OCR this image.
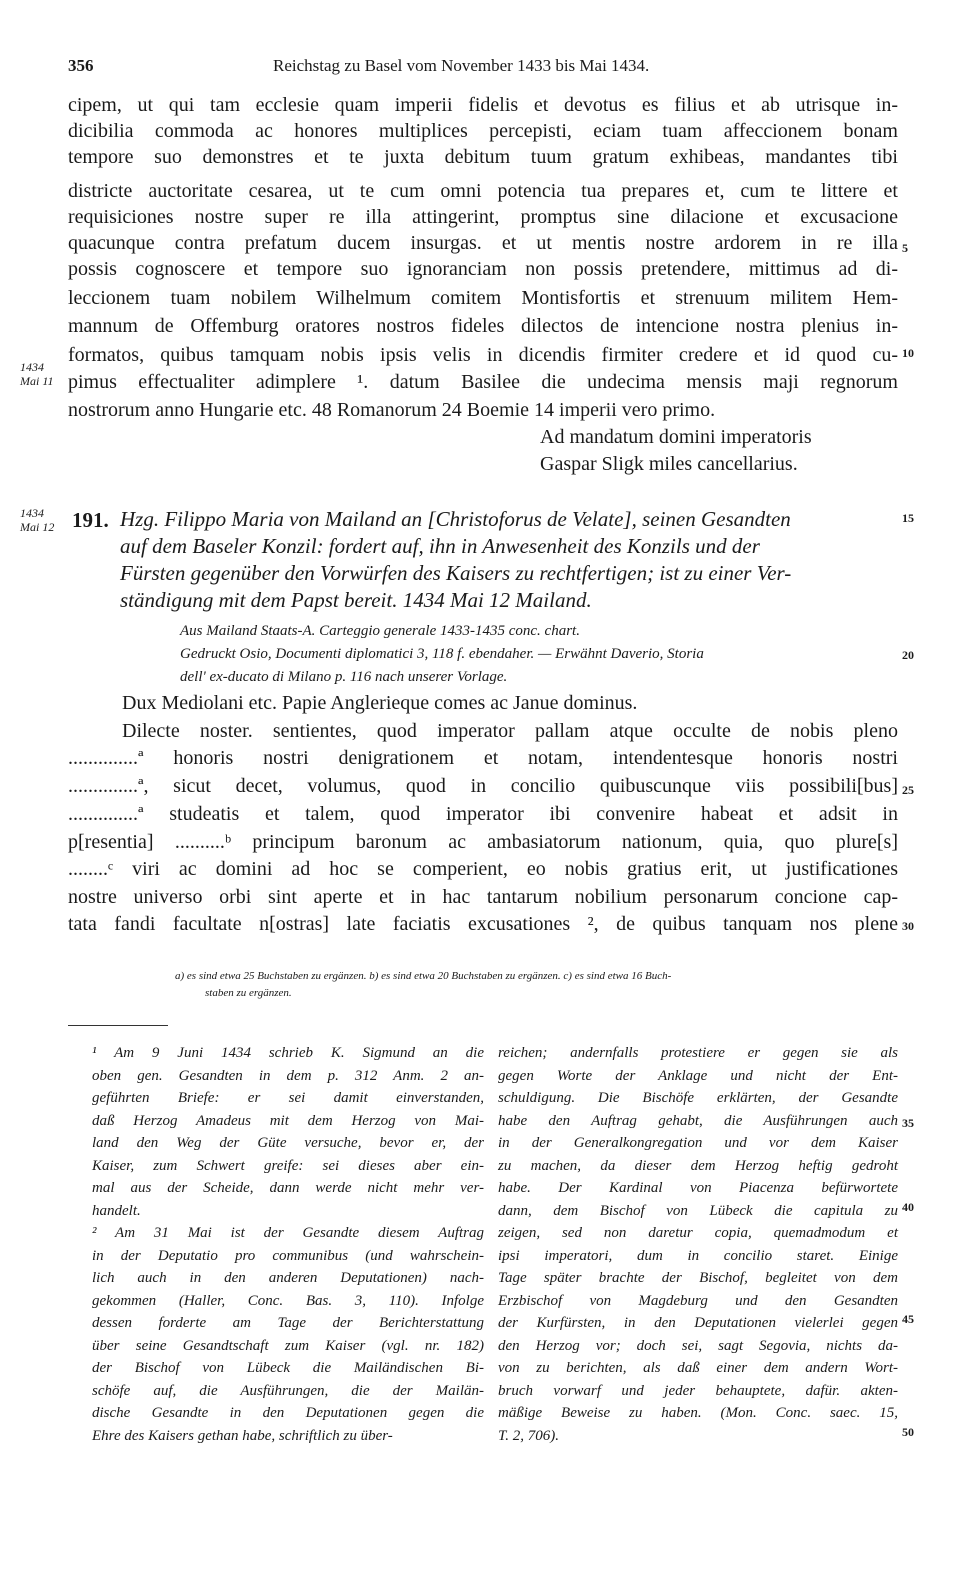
356	Reichstag zu Basel vom November 1433 bis Mai 1434.
cipem, ut qui tam ecclesie quam imperii fidelis et devotus es filius et ab utrisque in-
dicibilia commoda ac honores multiplices percepisti, eciam tuam affeccionem bonam
tempore suo demonstres et te juxta debitum tuum gratum exhibeas, mandantes tibi
districte auctoritate cesarea, ut te cum omni potencia tua prepares et, cum te littere et
requisiciones nostre super re illa attingerint, promptus sine dilacione et excusacione
quacunque contra prefatum ducem insurgas. et ut mentis nostre ardorem in re illa
possis cognoscere et tempore suo ignoranciam non possis pretendere, mittimus ad di-
leccionem tuam nobilem Wilhelmum comitem Montisfortis et strenuum militem Hem-
mannum de Offemburg oratores nostros fideles dilectos de intencione nostra plenius in-
formatos, quibus tamquam nobis ipsis velis in dicendis firmiter credere et id quod cu-
pimus effectualiter adimplere ¹. datum Basilee die undecima mensis maji regnorum
nostrorum anno Hungarie etc. 48 Romanorum 24 Boemie 14 imperii vero primo.
5
10
1434
Mai 11
Ad mandatum domini imperatoris
Gaspar Sligk miles cancellarius.
1434
Mai 12 191. Hzg. Filippo Maria von Mailand an [Christoforus de Velate], seinen Gesandten
auf dem Baseler Konzil: fordert auf, ihn in Anwesenheit des Konzils und der
Fürsten gegenüber den Vorwürfen des Kaisers zu rechtfertigen; ist zu einer Ver-
ständigung mit dem Papst bereit. 1434 Mai 12 Mailand.
15
20
Aus Mailand Staats-A. Carteggio generale 1433-1435 conc. chart.
Gedruckt Osio, Documenti diplomatici 3, 118 f. ebendaher. — Erwähnt Daverio, Storia
dell' ex-ducato di Milano p. 116 nach unserer Vorlage.
Dux Mediolani etc. Papie Anglerieque comes ac Janue dominus.
Dilecte noster. sentientes, quod imperator pallam atque occulte de nobis pleno
..............ª honoris nostri denigrationem et notam, intendentesque honoris nostri
..............ª, sicut decet, volumus, quod in concilio quibuscunque viis possibili[bus]
..............ª studeatis et talem, quod imperator ibi convenire habeat et adsit in
p[resentia] ..........ᵇ principum baronum ac ambasiatorum nationum, quia, quo plure[s]
........ᶜ viri ac domini ad hoc se comperient, eo nobis gratius erit, ut justificationes
nostre universo orbi sint aperte et in hac tantarum nobilium personarum concione cap-
tata fandi facultate n[ostras] late faciatis excusationes ², de quibus tanquam nos plene
25
30
a) es sind etwa 25 Buchstaben zu ergänzen. b) es sind etwa 20 Buchstaben zu ergänzen. c) es sind etwa 16 Buch-
staben zu ergänzen.
¹ Am 9 Juni 1434 schrieb K. Sigmund an die
oben gen. Gesandten in dem p. 312 Anm. 2 an-
geführten Briefe: er sei damit einverstanden,
daß Herzog Amadeus mit dem Herzog von Mai-
land den Weg der Güte versuche, bevor er, der
Kaiser, zum Schwert greife: sei dieses aber ein-
mal aus der Scheide, dann werde nicht mehr ver-
handelt.
² Am 31 Mai ist der Gesandte diesem Auftrag
in der Deputatio pro communibus (und wahrschein-
lich auch in den anderen Deputationen) nach-
gekommen (Haller, Conc. Bas. 3, 110). Infolge
dessen forderte am Tage der Berichterstattung
über seine Gesandtschaft zum Kaiser (vgl. nr. 182)
der Bischof von Lübeck die Mailändischen Bi-
schöfe auf, die Ausführungen, die der Mailän-
dische Gesandte in den Deputationen gegen die
Ehre des Kaisers gethan habe, schriftlich zu über-
reichen; andernfalls protestiere er gegen sie als
gegen Worte der Anklage und nicht der Ent-
schuldigung. Die Bischöfe erklärten, der Gesandte
habe den Auftrag gehabt, die Ausführungen auch
in der Generalkongregation und vor dem Kaiser
zu machen, da dieser dem Herzog heftig gedroht
habe. Der Kardinal von Piacenza befürwortete
dann, dem Bischof von Lübeck die capitula zu
zeigen, sed non daretur copia, quemadmodum et
ipsi imperatori, dum in concilio staret. Einige
Tage später brachte der Bischof, begleitet von dem
Erzbischof von Magdeburg und den Gesandten
der Kurfürsten, in den Deputationen vielerlei gegen
den Herzog vor; doch sei, sagt Segovia, nichts da-
von zu berichten, als daß einer dem andern Wort-
bruch vorwarf und jeder behauptete, dafür. akten-
mäßige Beweise zu haben. (Mon. Conc. saec. 15,
T. 2, 706).
35
40
45
50
